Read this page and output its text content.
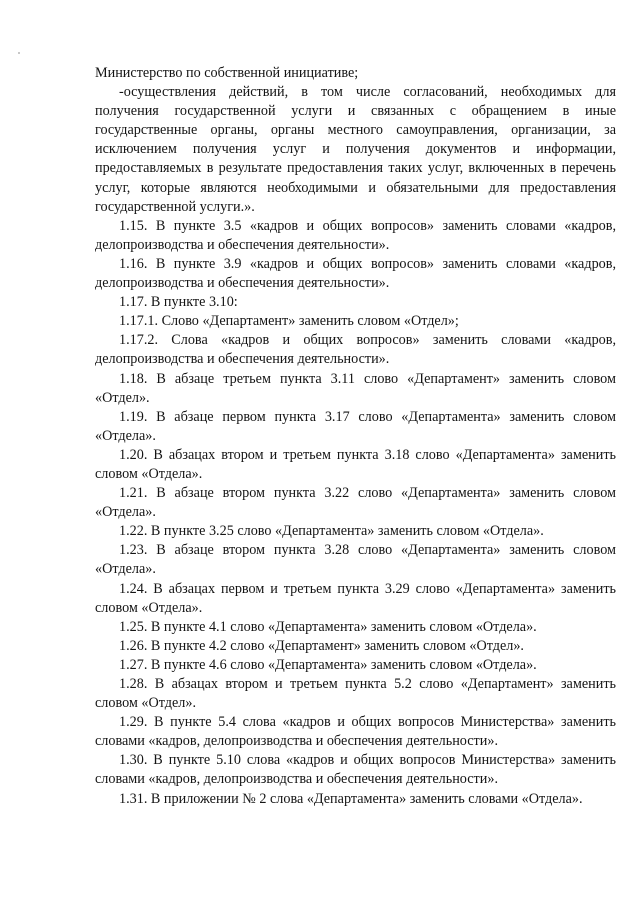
Министерство по собственной инициативе;

-осуществления действий, в том числе согласований, необходимых для получения государственной услуги и связанных с обращением в иные государственные органы, органы местного самоуправления, организации, за исключением получения услуг и получения документов и информации, предоставляемых в результате предоставления таких услуг, включенных в перечень услуг, которые являются необходимыми и обязательными для предоставления государственной услуги.».

1.15. В пункте 3.5 «кадров и общих вопросов» заменить словами «кадров, делопроизводства и обеспечения деятельности».

1.16. В пункте 3.9 «кадров и общих вопросов» заменить словами «кадров, делопроизводства и обеспечения деятельности».

1.17. В пункте 3.10:

1.17.1. Слово «Департамент» заменить словом «Отдел»;

1.17.2. Слова «кадров и общих вопросов» заменить словами «кадров, делопроизводства и обеспечения деятельности».

1.18. В абзаце третьем пункта 3.11 слово «Департамент» заменить словом «Отдел».

1.19. В абзаце первом пункта 3.17 слово «Департамента» заменить словом «Отдела».

1.20. В абзацах втором и третьем пункта 3.18 слово «Департамента» заменить словом «Отдела».

1.21. В абзаце втором пункта 3.22 слово «Департамента» заменить словом «Отдела».

1.22. В пункте 3.25 слово «Департамента» заменить словом «Отдела».

1.23. В абзаце втором пункта 3.28 слово «Департамента» заменить словом «Отдела».

1.24. В абзацах первом и третьем пункта 3.29 слово «Департамента» заменить словом «Отдела».

1.25. В пункте 4.1 слово «Департамента» заменить словом «Отдела».

1.26. В пункте 4.2 слово «Департамент» заменить словом «Отдел».

1.27. В пункте 4.6 слово «Департамента» заменить словом «Отдела».

1.28. В абзацах втором и третьем пункта 5.2 слово «Департамент» заменить словом «Отдел».

1.29. В пункте 5.4 слова «кадров и общих вопросов Министерства» заменить словами «кадров, делопроизводства и обеспечения деятельности».

1.30. В пункте 5.10 слова «кадров и общих вопросов Министерства» заменить словами «кадров, делопроизводства и обеспечения деятельности».

1.31. В приложении № 2 слова «Департамента» заменить словами «Отдела».
